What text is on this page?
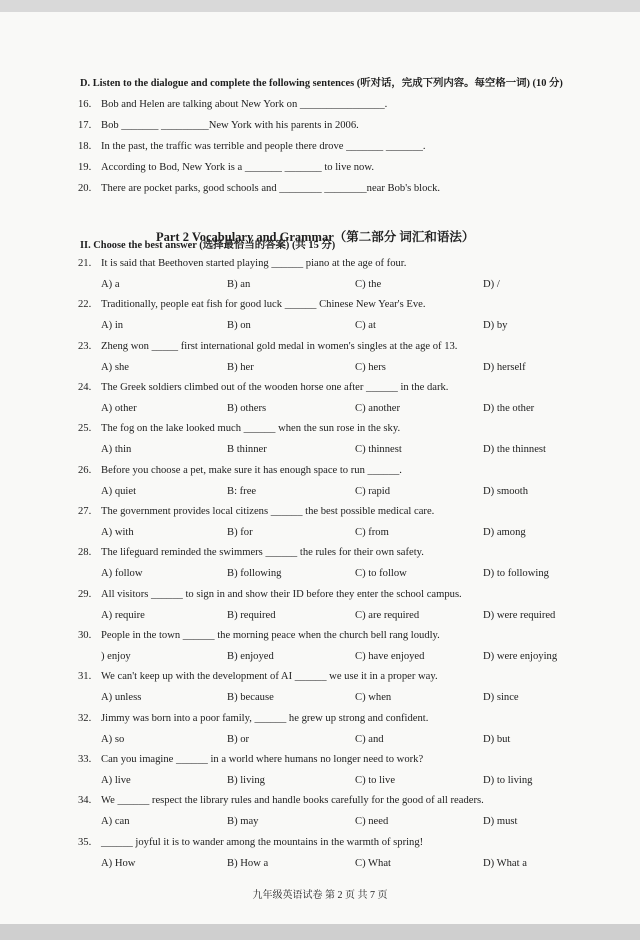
D. Listen to the dialogue and complete the following sentences (听对话，完成下列内容。每空格一词) (10 分)
16. Bob and Helen are talking about New York on ________________.
17. Bob _______ _________New York with his parents in 2006.
18. In the past, the traffic was terrible and people there drove _______ _______.
19. According to Bod, New York is a _______ _______ to live now.
20. There are pocket parks, good schools and ________ ________near Bob's block.
Part 2 Vocabulary and Grammar（第二部分 词汇和语法）
II. Choose the best answer (选择最恰当的答案) (共 15 分)
21. It is said that Beethoven started playing ______ piano at the age of four.
A) a	B) an	C) the	D) /
22. Traditionally, people eat fish for good luck ______ Chinese New Year's Eve.
A) in	B) on	C) at	D) by
23. Zheng won _____ first international gold medal in women's singles at the age of 13.
A) she	B) her	C) hers	D) herself
24. The Greek soldiers climbed out of the wooden horse one after ______ in the dark.
A) other	B) others	C) another	D) the other
25. The fog on the lake looked much ______ when the sun rose in the sky.
A) thin	B thinner	C) thinnest	D) the thinnest
26. Before you choose a pet, make sure it has enough space to run ______.
A) quiet	B: free	C) rapid	D) smooth
27. The government provides local citizens ______ the best possible medical care.
A) with	B) for	C) from	D) among
28. The lifeguard reminded the swimmers ______ the rules for their own safety.
A) follow	B) following	C) to follow	D) to following
29. All visitors ______ to sign in and show their ID before they enter the school campus.
A) require	B) required	C) are required	D) were required
30. People in the town ______ the morning peace when the church bell rang loudly.
) enjoy	B) enjoyed	C) have enjoyed	D) were enjoying
31. We can't keep up with the development of AI ______ we use it in a proper way.
A) unless	B) because	C) when	D) since
32. Jimmy was born into a poor family, ______ he grew up strong and confident.
A) so	B) or	C) and	D) but
33. Can you imagine ______ in a world where humans no longer need to work?
A) live	B) living	C) to live	D) to living
34. We ______ respect the library rules and handle books carefully for the good of all readers.
A) can	B) may	C) need	D) must
35. ______ joyful it is to wander among the mountains in the warmth of spring!
A) How	B) How a	C) What	D) What a
九年级英语试卷 第 2 页 共 7 页
